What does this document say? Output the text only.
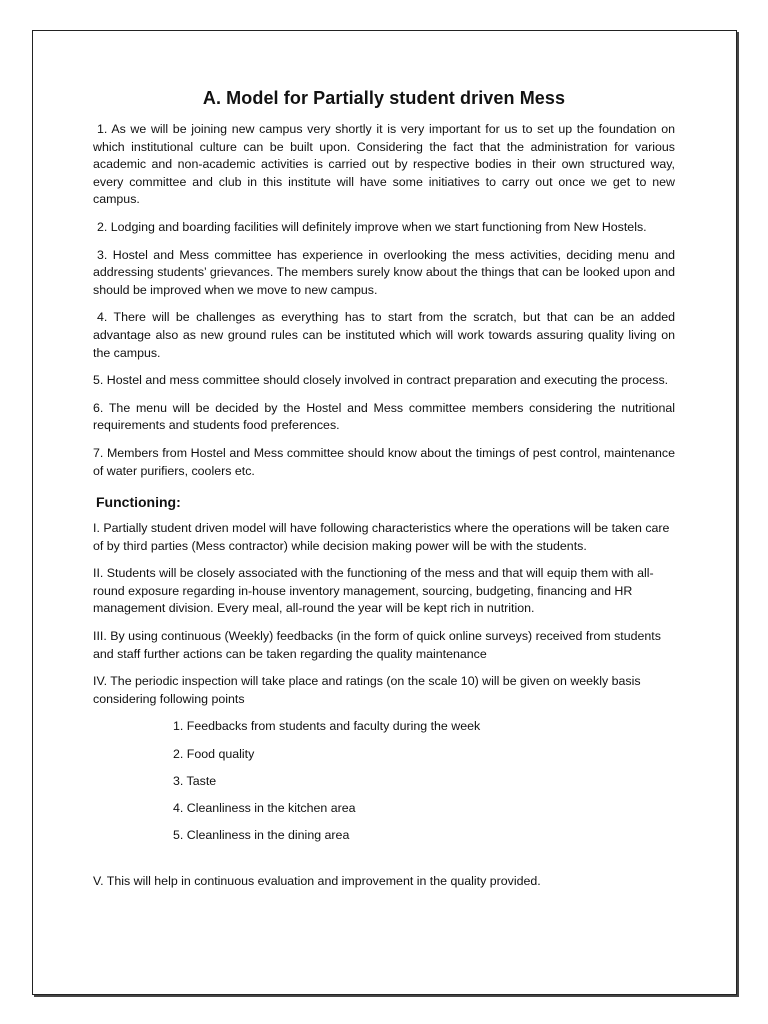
A. Model for Partially student driven Mess

1. As we will be joining new campus very shortly it is very important for us to set up the foundation on which institutional culture can be built upon. Considering the fact that the administration for various academic and non-academic activities is carried out by respective bodies in their own structured way, every committee and club in this institute will have some initiatives to carry out once we get to new campus.

2. Lodging and boarding facilities will definitely improve when we start functioning from New Hostels.

3. Hostel and Mess committee has experience in overlooking the mess activities, deciding menu and addressing students’ grievances. The members surely know about the things that can be looked upon and should be improved when we move to new campus.

4. There will be challenges as everything has to start from the scratch, but that can be an added advantage also as new ground rules can be instituted which will work towards assuring quality living on the campus.

5. Hostel and mess committee should closely involved in contract preparation and executing the process.

6. The menu will be decided by the Hostel and Mess committee members considering the nutritional requirements and students food preferences.

7. Members from Hostel and Mess committee should know about the timings of pest control, maintenance of water purifiers, coolers etc.

Functioning:

I. Partially student driven model will have following characteristics where the operations will be taken care of by third parties (Mess contractor) while decision making power will be with the students.

II. Students will be closely associated with the functioning of the mess and that will equip them with all-round exposure regarding in-house inventory management, sourcing, budgeting, financing and HR management division. Every meal, all-round the year will be kept rich in nutrition.

III. By using continuous (Weekly) feedbacks (in the form of quick online surveys) received from students and staff further actions can be taken regarding the quality maintenance

IV. The periodic inspection will take place and ratings (on the scale 10) will be given on weekly basis considering following points

1. Feedbacks from students and faculty during the week
2. Food quality
3. Taste
4. Cleanliness in the kitchen area
5. Cleanliness in the dining area

V. This will help in continuous evaluation and improvement in the quality provided.
